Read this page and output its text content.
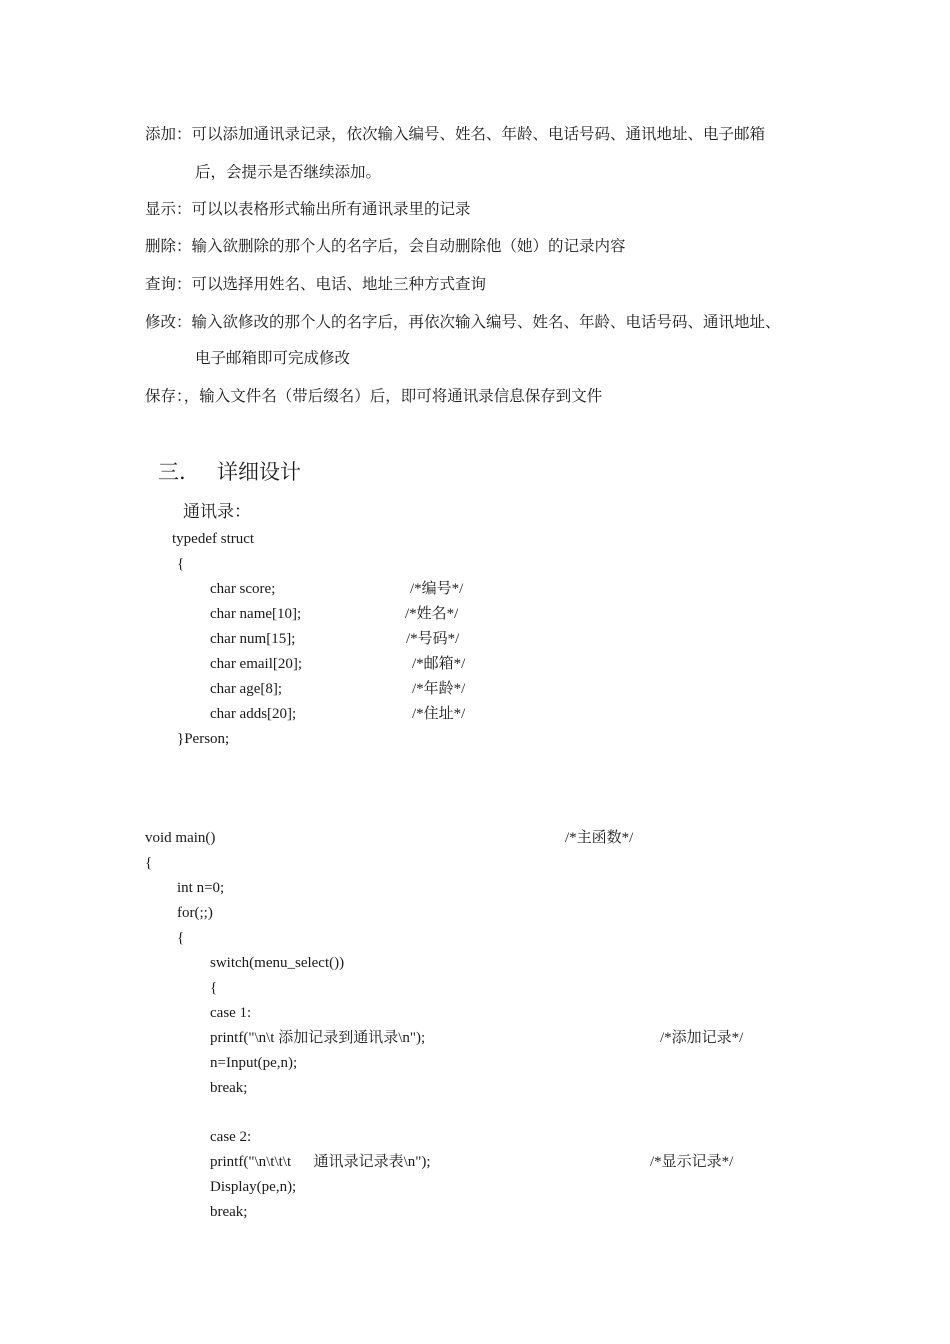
添加：可以添加通讯录记录，依次输入编号、姓名、年龄、电话号码、通讯地址、电子邮箱
后，会提示是否继续添加。
显示：可以以表格形式输出所有通讯录里的记录
删除：输入欲删除的那个人的名字后，会自动删除他（她）的记录内容
查询：可以选择用姓名、电话、地址三种方式查询
修改：输入欲修改的那个人的名字后，再依次输入编号、姓名、年龄、电话号码、通讯地址、
电子邮箱即可完成修改
保存：，输入文件名（带后缀名）后，即可将通讯录信息保存到文件
三. 详细设计
通讯录：
typedef struct
{
char score;
char name[10];
char num[15];
char email[20];
char age[8];
char adds[20];
}Person;
/*编号*/
/*姓名*/
/*号码*/
/*邮箱*/
/*年龄*/
/*住址*/
void main()
{
int n=0;
for(;;)
{
switch(menu_select())
{
case 1:
printf("\n\t 添加记录到通讯录\n");
n=Input(pe,n);
break;
case 2:
printf("\n\t\t\t      通讯录记录表\n");
Display(pe,n);
break;
/*主函数*/
/*添加记录*/
/*显示记录*/
